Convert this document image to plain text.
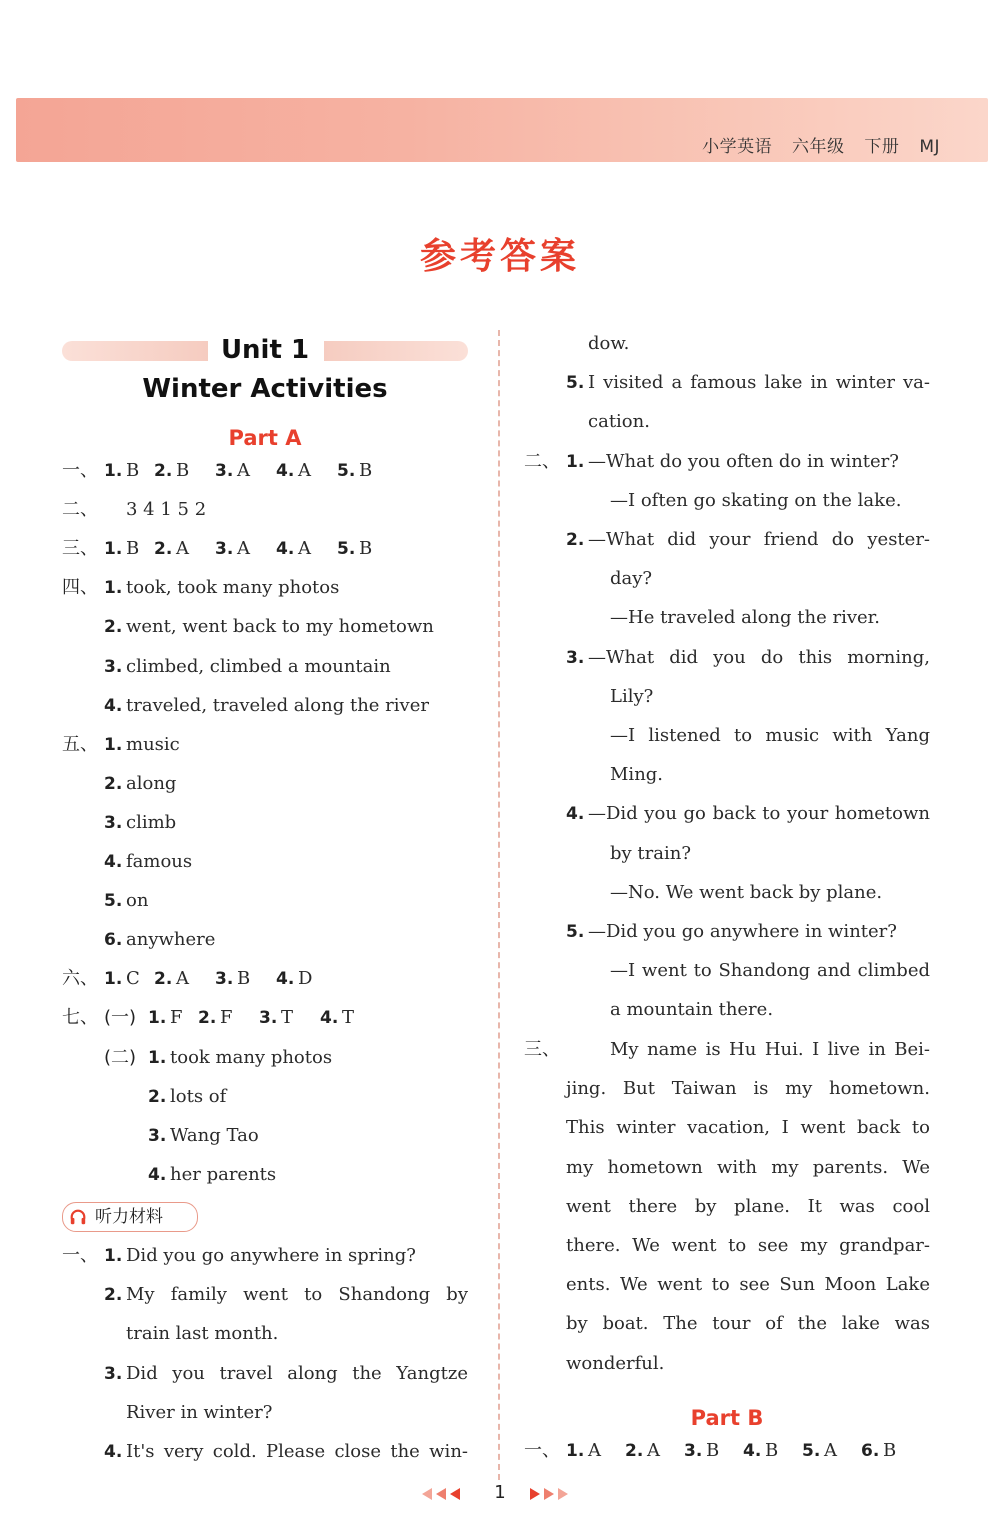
小学英语 六年级 下册 MJ
参考答案
Unit 1
Winter Activities
Part A
一、 1. B 2. B 3. A 4. A 5. B
二、 3 4 1 5 2
三、 1. B 2. A 3. A 4. A 5. B
四、 1. took, took many photos
2. went, went back to my hometown
3. climbed, climbed a mountain
4. traveled, traveled along the river
五、 1. music
2. along
3. climb
4. famous
5. on
6. anywhere
六、 1. C 2. A 3. B 4. D
七、 (一) 1. F 2. F 3. T 4. T
(二) 1. took many photos
2. lots of
3. Wang Tao
4. her parents
听力材料
一、 1. Did you go anywhere in spring?
2. My family went to Shandong by
train last month.
3. Did you travel along the Yangtze
River in winter?
4. It's very cold. Please close the win-
dow.
5. I visited a famous lake in winter va-
cation.
二、 1. —What do you often do in winter?
—I often go skating on the lake.
2. —What did your friend do yester-
day?
—He traveled along the river.
3. —What did you do this morning,
Lily?
—I listened to music with Yang
Ming.
4. —Did you go back to your hometown
by train?
—No. We went back by plane.
5. —Did you go anywhere in winter?
—I went to Shandong and climbed
a mountain there.
三、	My name is Hu Hui. I live in Bei-
jing. But Taiwan is my hometown.
This winter vacation, I went back to
my hometown with my parents. We
went there by plane. It was cool
there. We went to see my grandpar-
ents. We went to see Sun Moon Lake
by boat. The tour of the lake was
wonderful.
Part B
一、 1. A 2. A 3. B 4. B 5. A 6. B
1
